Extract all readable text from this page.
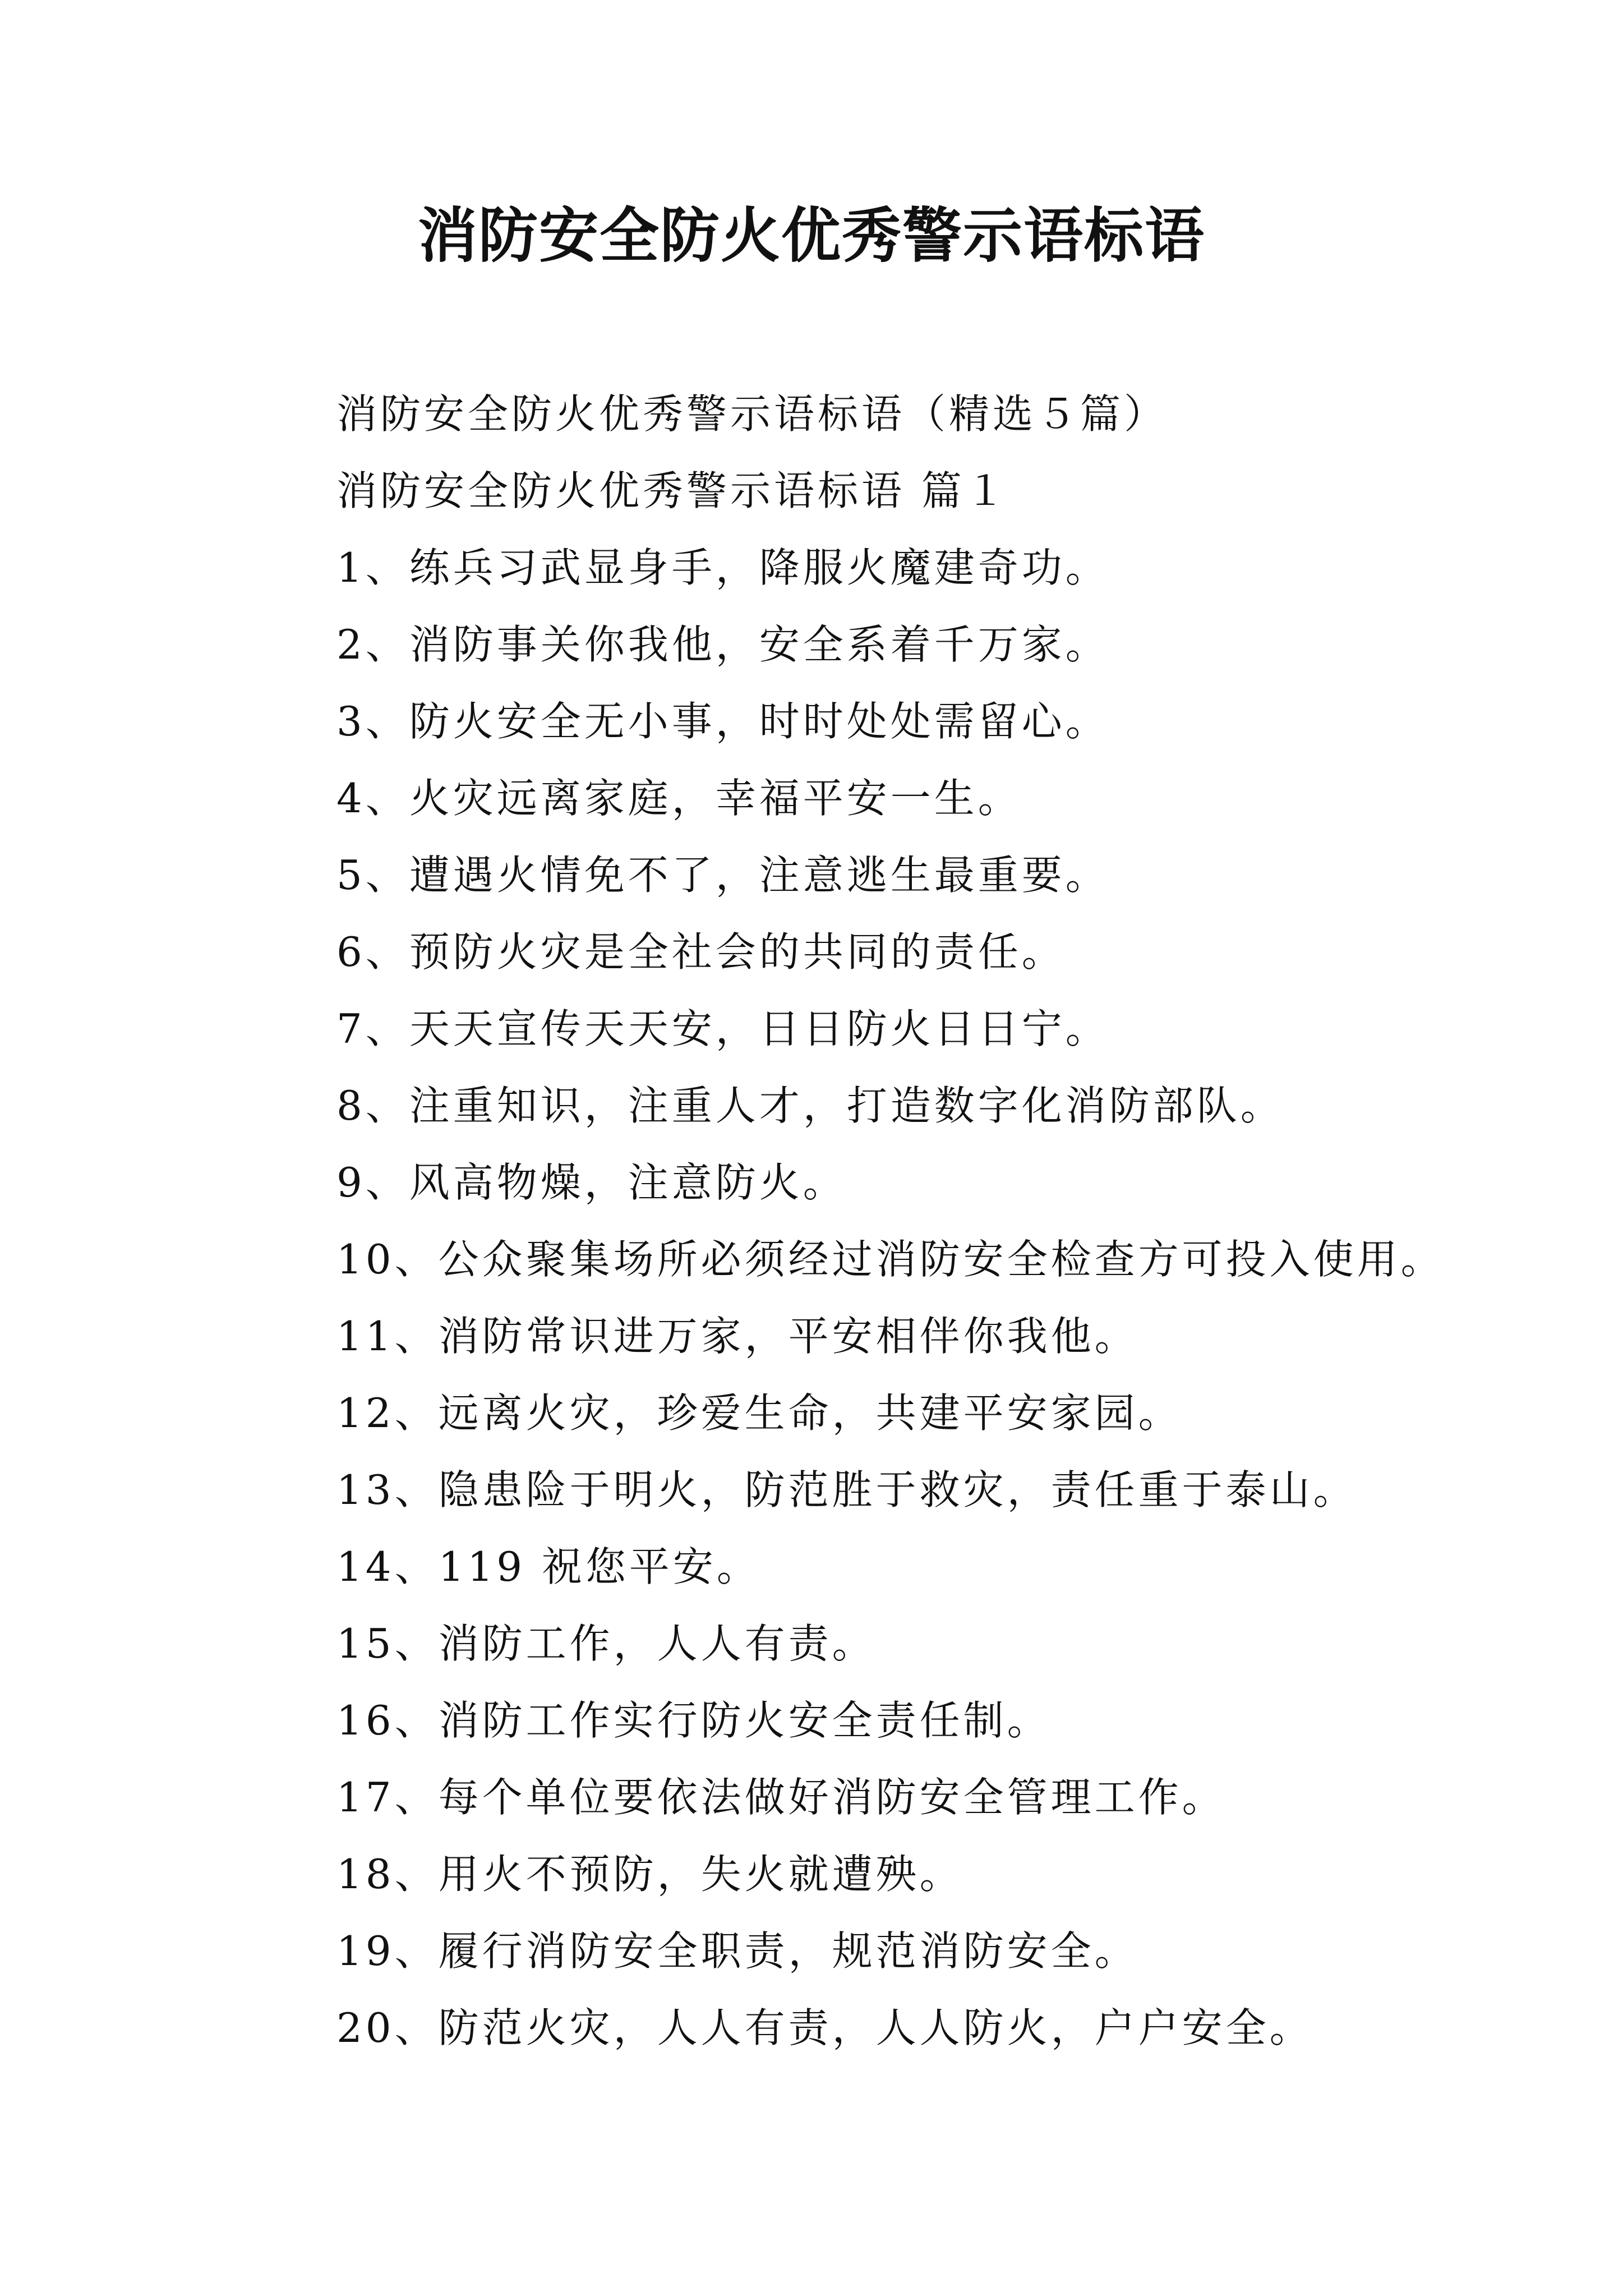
消防安全防火优秀警示语标语
消防安全防火优秀警示语标语（精选５篇）
消防安全防火优秀警示语标语 篇１
1、练兵习武显身手，降服火魔建奇功。
2、消防事关你我他，安全系着千万家。
3、防火安全无小事，时时处处需留心。
4、火灾远离家庭，幸福平安一生。
5、遭遇火情免不了，注意逃生最重要。
6、预防火灾是全社会的共同的责任。
7、天天宣传天天安，日日防火日日宁。
8、注重知识，注重人才，打造数字化消防部队。
9、风高物燥，注意防火。
10、公众聚集场所必须经过消防安全检查方可投入使用。
11、消防常识进万家，平安相伴你我他。
12、远离火灾，珍爱生命，共建平安家园。
13、隐患险于明火，防范胜于救灾，责任重于泰山。
14、119 祝您平安。
15、消防工作，人人有责。
16、消防工作实行防火安全责任制。
17、每个单位要依法做好消防安全管理工作。
18、用火不预防，失火就遭殃。
19、履行消防安全职责，规范消防安全。
20、防范火灾，人人有责，人人防火，户户安全。
